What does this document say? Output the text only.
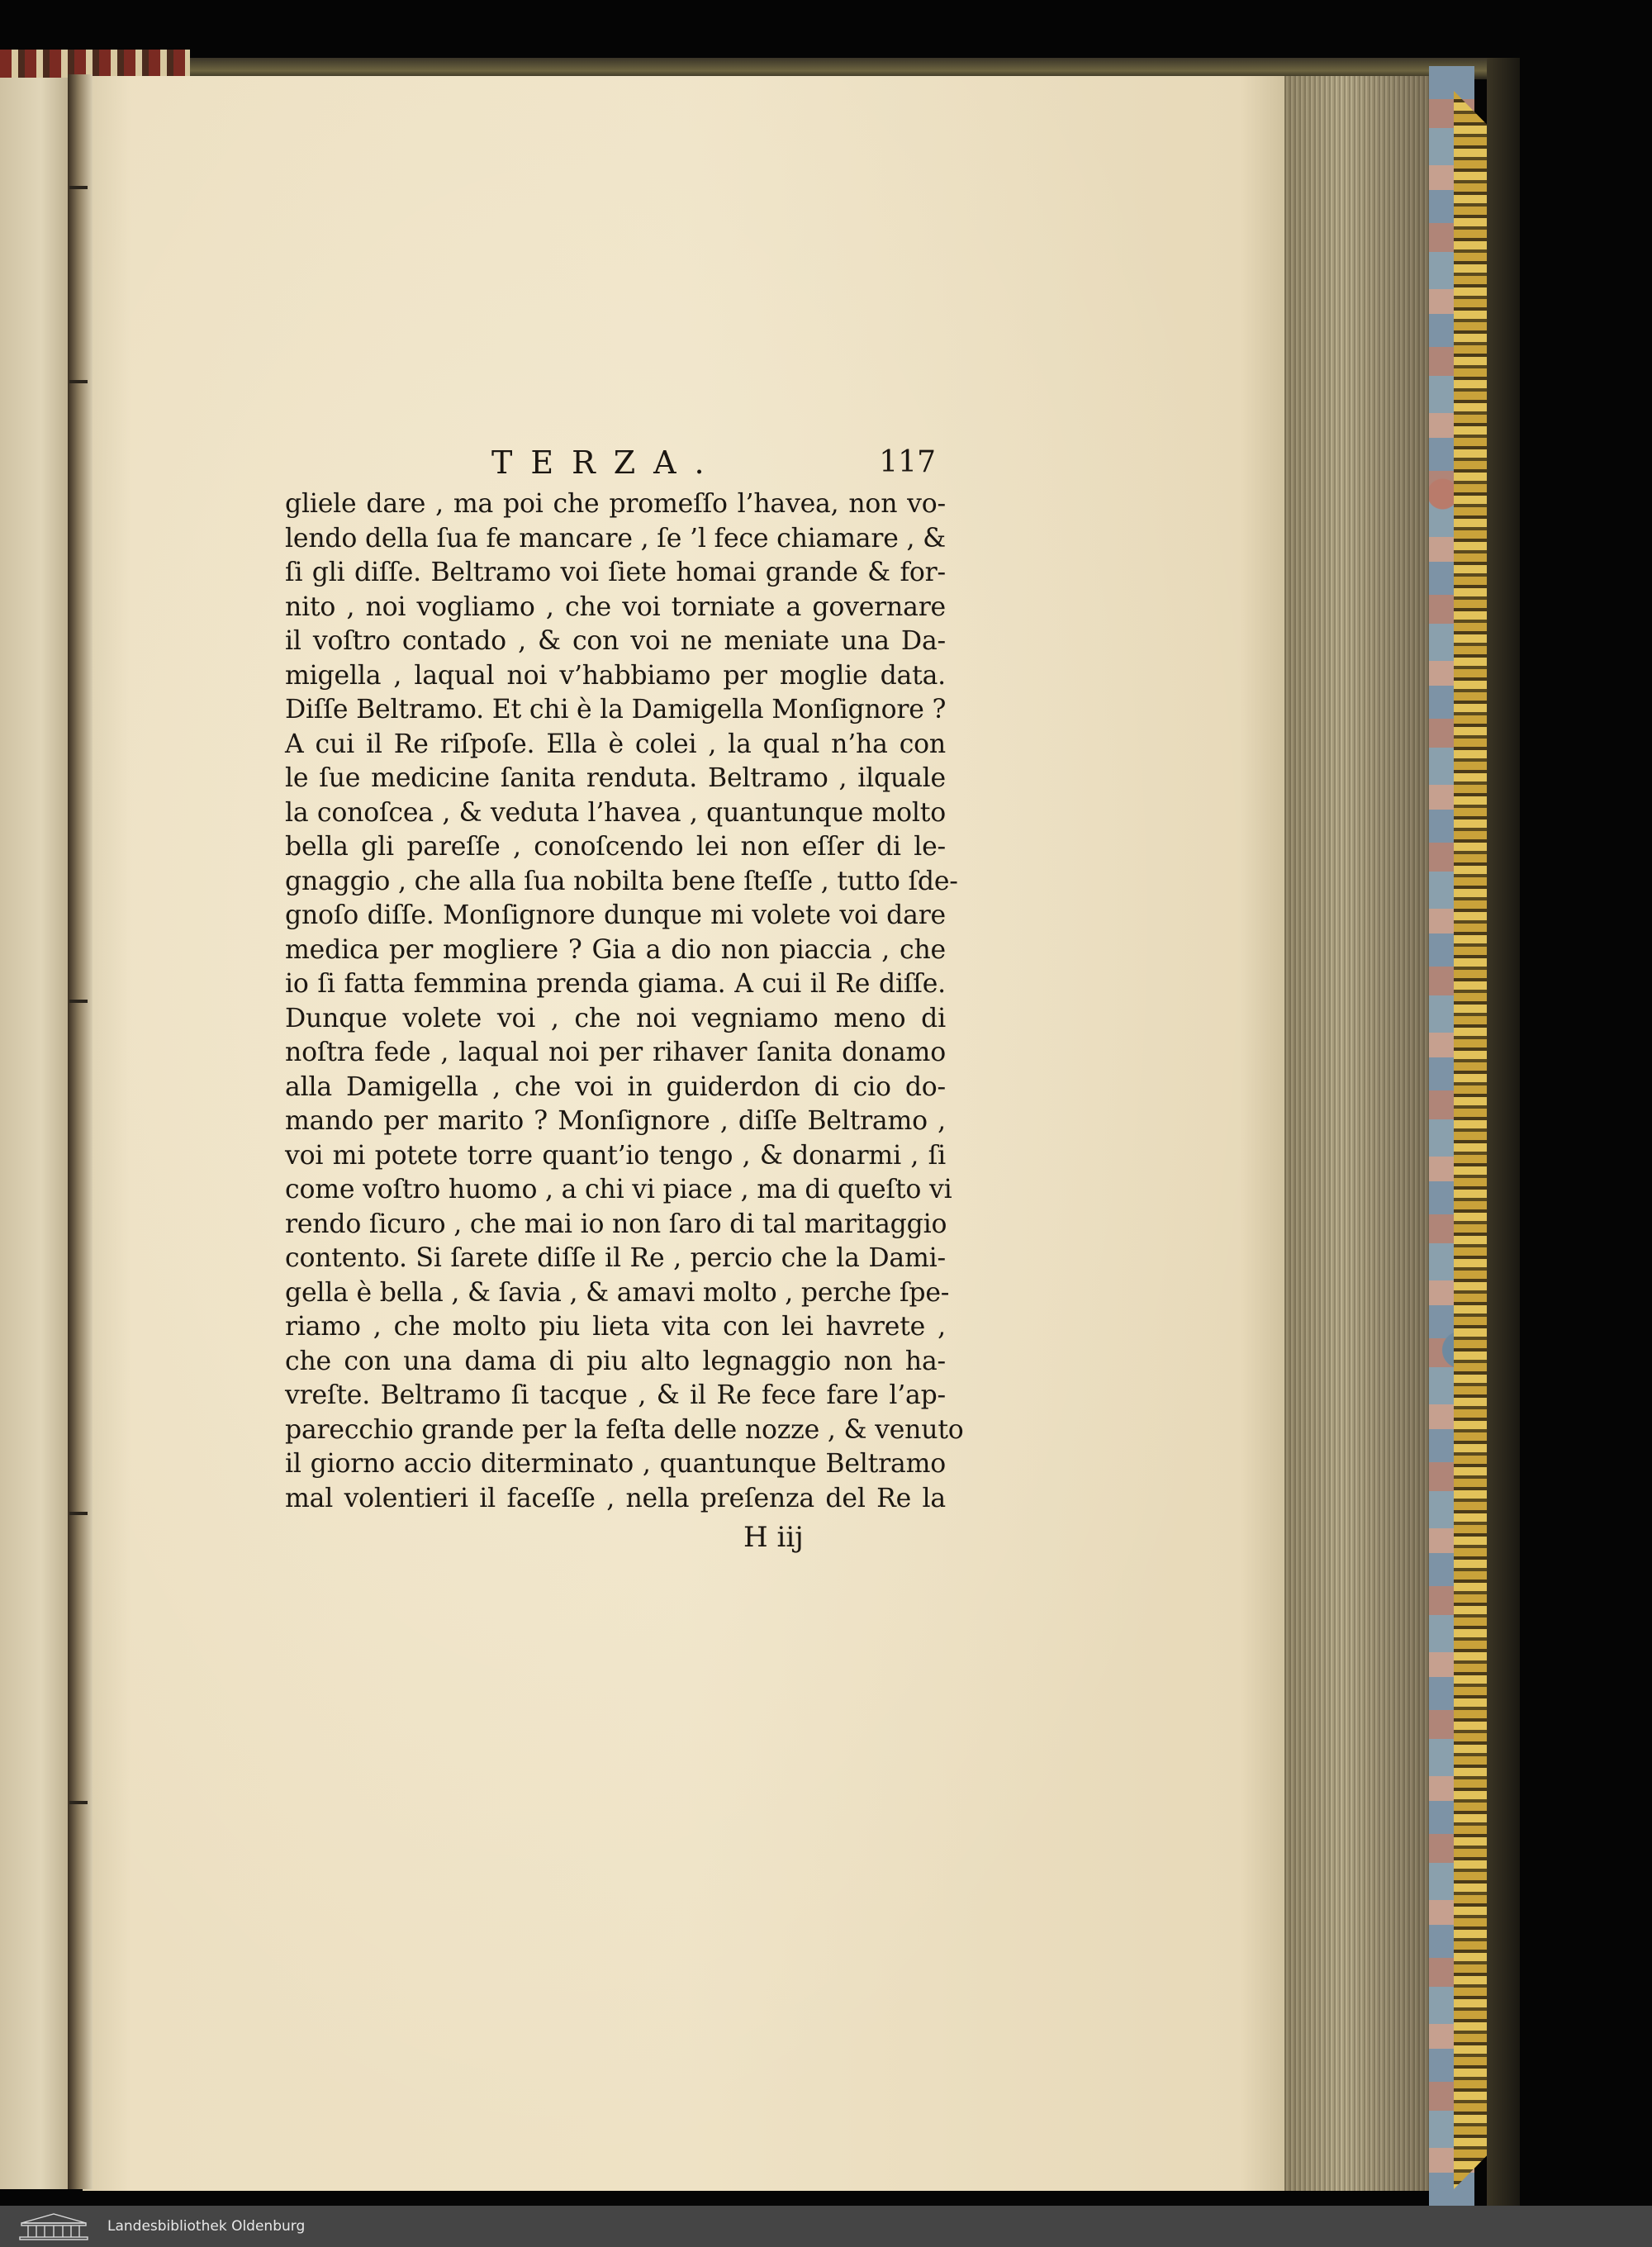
TERZA.	117
gliele dare , ma poi che promeſſo l’havea, non vo-
lendo della ſua fe mancare , ſe ’l fece chiamare , &
ſi gli diſſe. Beltramo voi ſiete homai grande & for-
nito , noi vogliamo , che voi torniate a governare
il voſtro contado , & con voi ne meniate una Da-
migella , laqual noi v’habbiamo per moglie data.
Diſſe Beltramo. Et chi è la Damigella Monſignore ?
A cui il Re riſpoſe. Ella è colei , la qual n’ha con
le ſue medicine ſanita renduta. Beltramo , ilquale
la conoſcea , & veduta l’havea , quantunque molto
bella gli pareſſe , conoſcendo lei non eſſer di le-
gnaggio , che alla ſua nobilta bene ſteſſe , tutto ſde-
gnoſo diſſe. Monſignore dunque mi volete voi dare
medica per mogliere ? Gia a dio non piaccia , che
io ſi fatta femmina prenda giama. A cui il Re diſſe.
Dunque volete voi , che noi vegniamo meno di
noſtra fede , laqual noi per rihaver ſanita donamo
alla Damigella , che voi in guiderdon di cio do-
mando per marito ? Monſignore , diſſe Beltramo ,
voi mi potete torre quant’io tengo , & donarmi , ſi
come voſtro huomo , a chi vi piace , ma di queſto vi
rendo ſicuro , che mai io non ſaro di tal maritaggio
contento. Si ſarete diſſe il Re , percio che la Dami-
gella è bella , & ſavia , & amavi molto , perche ſpe-
riamo , che molto piu lieta vita con lei havrete ,
che con una dama di piu alto legnaggio non ha-
vreſte. Beltramo ſi tacque , & il Re fece fare l’ap-
parecchio grande per la feſta delle nozze , & venuto
il giorno accio diterminato , quantunque Beltramo
mal volentieri il faceſſe , nella preſenza del Re la
H iij
Landesbibliothek Oldenburg
